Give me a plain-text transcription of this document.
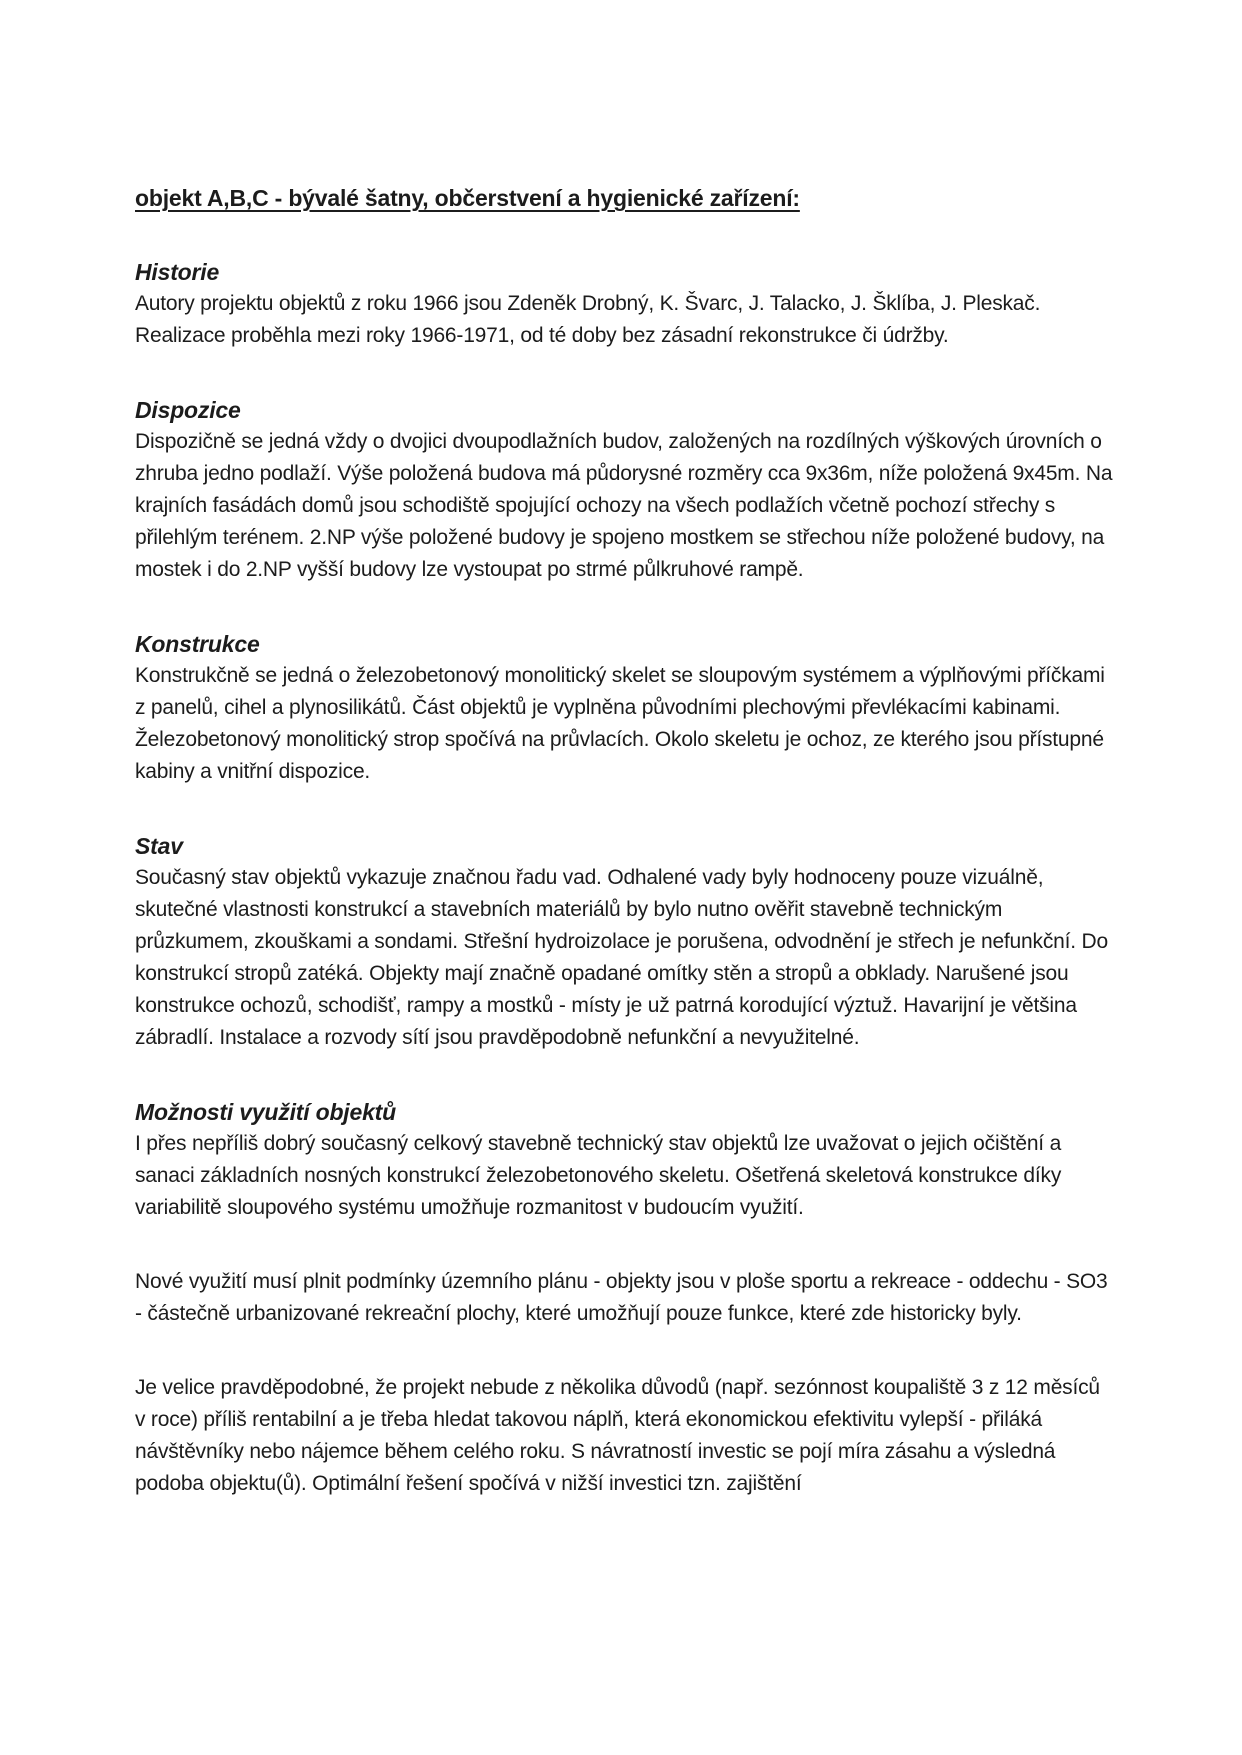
objekt A,B,C - bývalé šatny, občerstvení a hygienické zařízení:
Historie

Autory projektu objektů z roku 1966 jsou Zdeněk Drobný, K. Švarc, J. Talacko, J. Šklíba, J. Pleskač. Realizace proběhla mezi roky 1966-1971, od té doby bez zásadní rekonstrukce či údržby.

Dispozice

Dispozičně se jedná vždy o dvojici dvoupodlažních budov, založených na rozdílných výškových úrovních o zhruba jedno podlaží. Výše položená budova má půdorysné rozměry cca 9x36m, níže položená 9x45m. Na krajních fasádách domů jsou schodiště spojující ochozy na všech podlažích včetně pochozí střechy s přilehlým terénem. 2.NP výše položené budovy je spojeno mostkem se střechou níže položené budovy, na mostek i do 2.NP vyšší budovy lze vystoupat po strmé půlkruhové rampě.

Konstrukce

Konstrukčně se jedná o železobetonový monolitický skelet se sloupovým systémem a výplňovými příčkami z panelů, cihel a plynosilikátů. Část objektů je vyplněna původními plechovými převlékacími kabinami. Železobetonový monolitický strop spočívá na průvlacích. Okolo skeletu je ochoz, ze kterého jsou přístupné kabiny a vnitřní dispozice.

Stav

Současný stav objektů vykazuje značnou řadu vad. Odhalené vady byly hodnoceny pouze vizuálně, skutečné vlastnosti konstrukcí a stavebních materiálů by bylo nutno ověřit stavebně technickým průzkumem, zkouškami a sondami. Střešní hydroizolace je porušena, odvodnění je střech je nefunkční. Do konstrukcí stropů zatéká. Objekty mají značně opadané omítky stěn a stropů a obklady. Narušené jsou konstrukce ochozů, schodišť, rampy a mostků - místy je už patrná korodující výztuž. Havarijní je většina zábradlí. Instalace a rozvody sítí jsou pravděpodobně nefunkční a nevyužitelné.

Možnosti využití objektů

I přes nepříliš dobrý současný celkový stavebně technický stav objektů lze uvažovat o jejich očištění a sanaci základních nosných konstrukcí železobetonového skeletu. Ošetřená skeletová konstrukce díky variabilitě sloupového systému umožňuje rozmanitost v budoucím využití.

Nové využití musí plnit podmínky územního plánu - objekty jsou v ploše sportu a rekreace - oddechu - SO3 - částečně urbanizované rekreační plochy, které umožňují pouze funkce, které zde historicky byly.

Je velice pravděpodobné, že projekt nebude z několika důvodů (např. sezónnost koupaliště 3 z 12 měsíců v roce) příliš rentabilní a je třeba hledat takovou náplň, která ekonomickou efektivitu vylepší - přiláká návštěvníky nebo nájemce během celého roku. S návratností investic se pojí míra zásahu a výsledná podoba objektu(ů). Optimální řešení spočívá v nižší investici tzn. zajištění
